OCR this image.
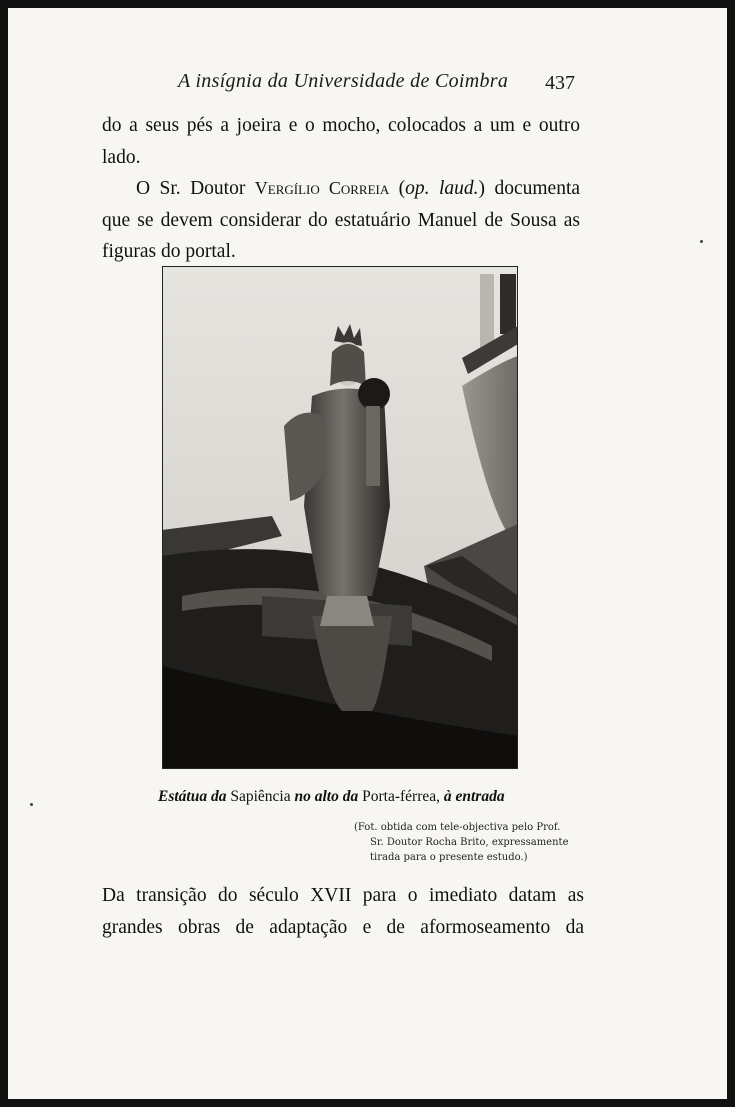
A insígnia da Universidade de Coimbra 437

do a seus pés a joeira e o mocho, colocados a um e outro lado.

O Sr. Doutor Vergílio Correia (op. laud.) documenta que se devem considerar do estatuário Manuel de Sousa as figuras do portal.

Estátua da Sapiência no alto da Porta-férrea, à entrada
(Fot. obtida com tele-objectiva pelo Prof.
Sr. Doutor Rocha Brito, expressamente
tirada para o presente estudo.)

Da transição do século XVII para o imediato datam as grandes obras de adaptação e de aformoseamento da
